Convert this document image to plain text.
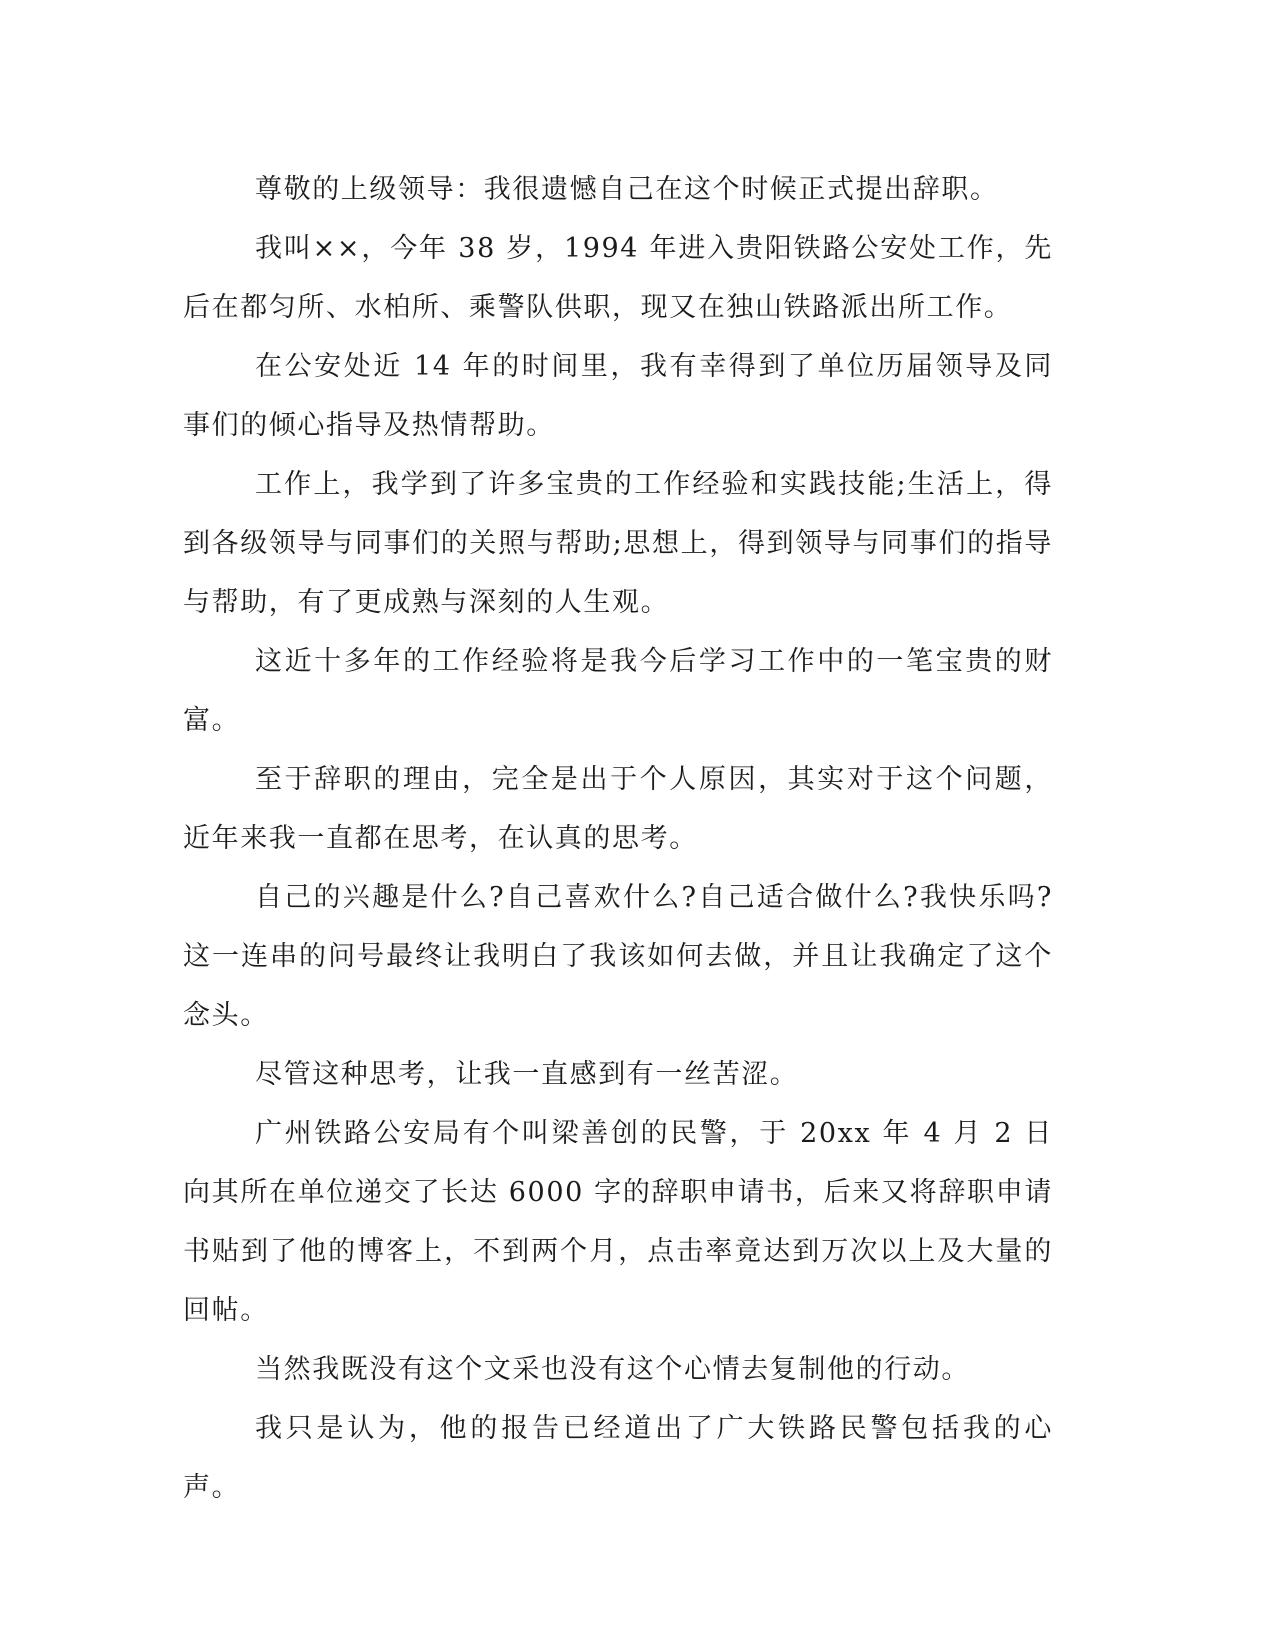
尊敬的上级领导：我很遗憾自己在这个时候正式提出辞职。

我叫××，今年 38 岁，1994 年进入贵阳铁路公安处工作，先后在都匀所、水柏所、乘警队供职，现又在独山铁路派出所工作。

在公安处近 14 年的时间里，我有幸得到了单位历届领导及同事们的倾心指导及热情帮助。

工作上，我学到了许多宝贵的工作经验和实践技能;生活上，得到各级领导与同事们的关照与帮助;思想上，得到领导与同事们的指导与帮助，有了更成熟与深刻的人生观。

这近十多年的工作经验将是我今后学习工作中的一笔宝贵的财富。

至于辞职的理由，完全是出于个人原因，其实对于这个问题，近年来我一直都在思考，在认真的思考。

自己的兴趣是什么?自己喜欢什么?自己适合做什么?我快乐吗?这一连串的问号最终让我明白了我该如何去做，并且让我确定了这个念头。

尽管这种思考，让我一直感到有一丝苦涩。

广州铁路公安局有个叫梁善创的民警，于 20xx 年 4 月 2 日向其所在单位递交了长达 6000 字的辞职申请书，后来又将辞职申请书贴到了他的博客上，不到两个月，点击率竟达到万次以上及大量的回帖。

当然我既没有这个文采也没有这个心情去复制他的行动。

我只是认为，他的报告已经道出了广大铁路民警包括我的心声。
